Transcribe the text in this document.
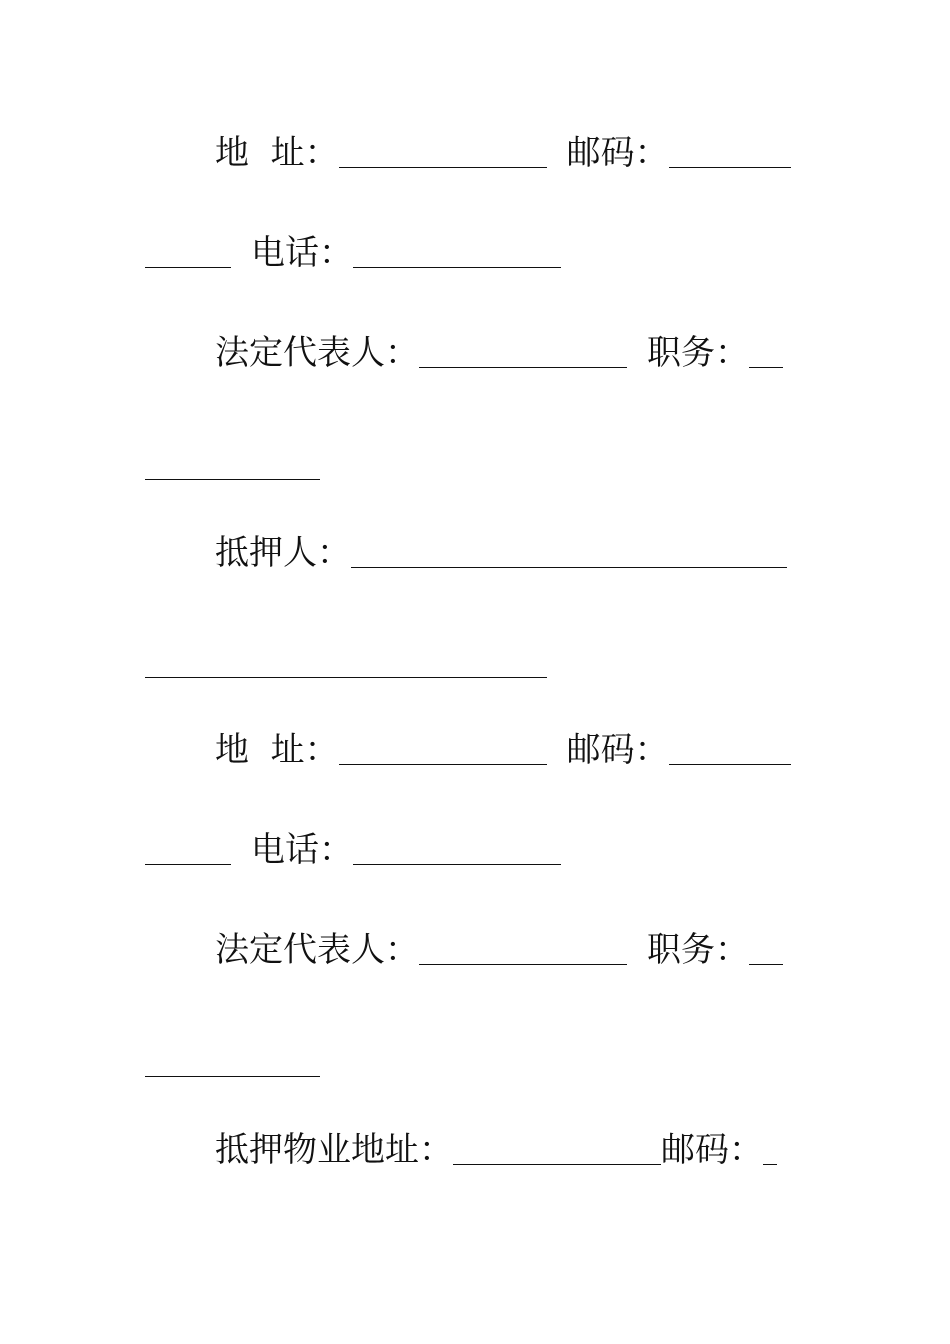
地  址：	邮码：
电话：
法定代表人：	职务：
抵押人：
地  址：	邮码：
电话：
法定代表人：	职务：
抵押物业地址：	邮码：
